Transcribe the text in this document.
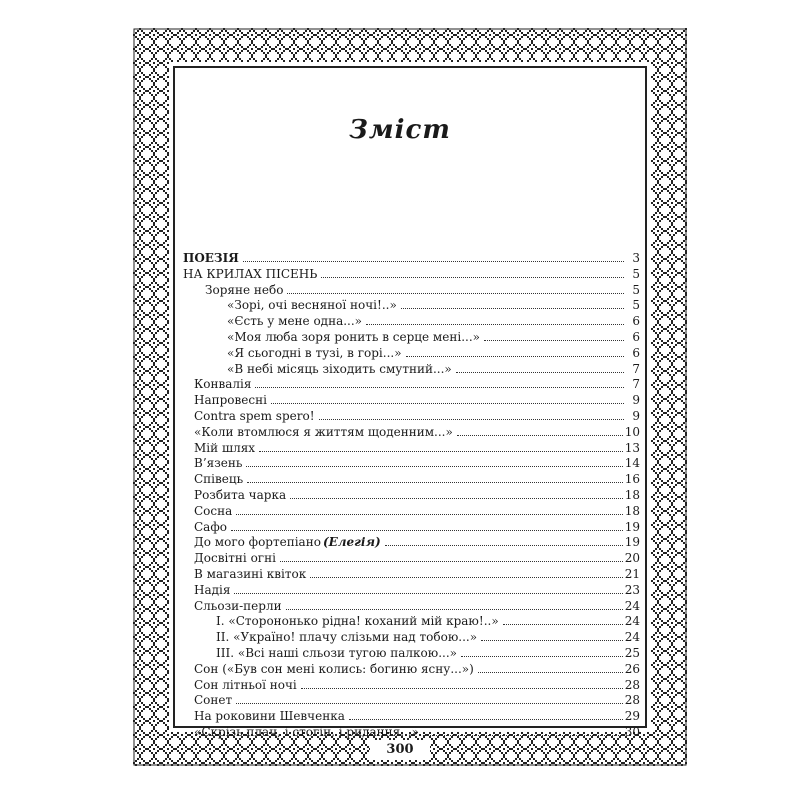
Зміст
ПОЕЗІЯ	3
НА КРИЛАХ ПІСЕНЬ	5
Зоряне небо	5
«Зорі, очі весняної ночі!..»	5
«Єсть у мене одна...»	6
«Моя люба зоря ронить в серце мені...»	6
«Я сьогодні в тузі, в горі...»	6
«В небі місяць зіходить смутний...»	7
Конвалія	7
Напровесні	9
Contra spem spero!	9
«Коли втомлюся я життям щоденним...»	10
Мій шлях	13
В’язень	14
Співець	16
Розбита чарка	18
Сосна	18
Сафо	19
До мого фортепіано (Елегія)	19
Досвітні огні	20
В магазині квіток	21
Надія	23
Сльози-перли	24
І. «Сторононько рідна! коханий мій краю!..»	24
ІІ. «Україно! плачу слізьми над тобою...»	24
ІІІ. «Всі наші сльози тугою палкою...»	25
Сон («Був сон мені колись: богиню ясну...»)	26
Сон літньої ночі	28
Сонет	28
На роковини Шевченка	29
«Скрізь плач, і стогін, і ридання...»	30
300
